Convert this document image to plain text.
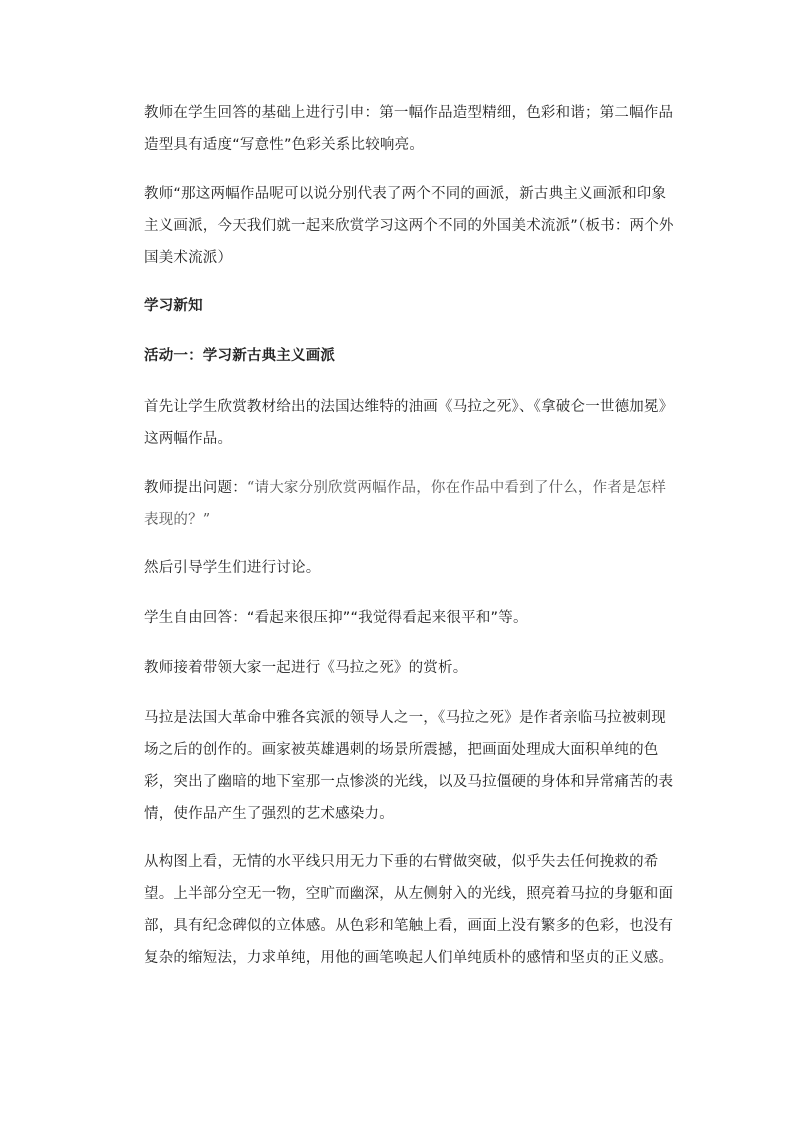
教师在学生回答的基础上进行引申：第一幅作品造型精细，色彩和谐；第二幅作品造型具有适度“写意性”色彩关系比较响亮。

教师“那这两幅作品呢可以说分别代表了两个不同的画派，新古典主义画派和印象主义画派，今天我们就一起来欣赏学习这两个不同的外国美术流派”（板书：两个外国美术流派）

学习新知

活动一：学习新古典主义画派

首先让学生欣赏教材给出的法国达维特的油画《马拉之死》、《拿破仑一世德加冕》这两幅作品。

教师提出问题：“请大家分别欣赏两幅作品，你在作品中看到了什么，作者是怎样表现的？”

然后引导学生们进行讨论。

学生自由回答：“看起来很压抑”“我觉得看起来很平和”等。

教师接着带领大家一起进行《马拉之死》的赏析。

马拉是法国大革命中雅各宾派的领导人之一，《马拉之死》是作者亲临马拉被刺现场之后的创作的。画家被英雄遇刺的场景所震撼，把画面处理成大面积单纯的色彩，突出了幽暗的地下室那一点惨淡的光线，以及马拉僵硬的身体和异常痛苦的表情，使作品产生了强烈的艺术感染力。

从构图上看，无情的水平线只用无力下垂的右臂做突破，似乎失去任何挽救的希望。上半部分空无一物，空旷而幽深，从左侧射入的光线，照亮着马拉的身躯和面部，具有纪念碑似的立体感。从色彩和笔触上看，画面上没有繁多的色彩，也没有复杂的缩短法，力求单纯，用他的画笔唤起人们单纯质朴的感情和坚贞的正义感。
